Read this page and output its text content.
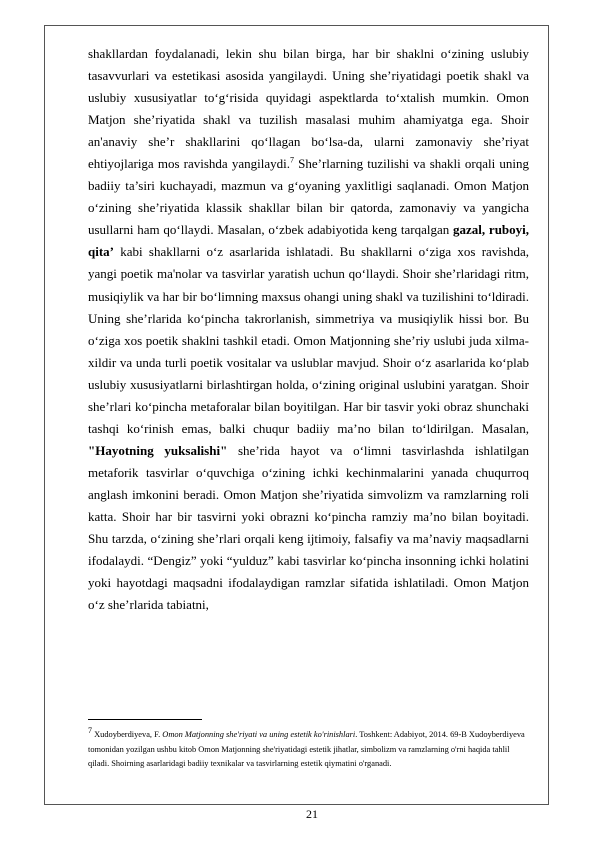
shakllardan foydalanadi, lekin shu bilan birga, har bir shaklni o‘zining uslubiy tasavvurlari va estetikasi asosida yangilaydi. Uning she’riyatidagi poetik shakl va uslubiy xususiyatlar to‘g‘risida quyidagi aspektlarda to‘xtalish mumkin. Omon Matjon she’riyatida shakl va tuzilish masalasi muhim ahamiyatga ega. Shoir an'anaviy she’r shakllarini qo‘llagan bo‘lsa-da, ularni zamonaviy she’riyat ehtiyojlariga mos ravishda yangilaydi.$^7$ She’rlarning tuzilishi va shakli orqali uning badiiy ta’siri kuchayadi, mazmun va g‘oyaning yaxlitligi saqlanadi. Omon Matjon o‘zining she’riyatida klassik shakllar bilan bir qatorda, zamonaviy va yangicha usullarni ham qo‘llaydi. Masalan, o‘zbek adabiyotida keng tarqalgan gazal, ruboyi, qita’ kabi shakllarni o‘z asarlarida ishlatadi. Bu shakllarni o‘ziga xos ravishda, yangi poetik ma'nolar va tasvirlar yaratish uchun qo‘llaydi. Shoir she’rlaridagi ritm, musiqiylik va har bir bo‘limning maxsus ohangi uning shakl va tuzilishini to‘ldiradi. Uning she’rlarida ko‘pincha takrorlanish, simmetriya va musiqiylik hissi bor. Bu o‘ziga xos poetik shaklni tashkil etadi. Omon Matjonning she’riy uslubi juda xilma-xildir va unda turli poetik vositalar va uslublar mavjud. Shoir o‘z asarlarida ko‘plab uslubiy xususiyatlarni birlashtirgan holda, o‘zining original uslubini yaratgan. Shoir she’rlari ko‘pincha metaforalar bilan boyitilgan. Har bir tasvir yoki obraz shunchaki tashqi ko‘rinish emas, balki chuqur badiiy ma’no bilan to‘ldirilgan. Masalan, "Hayotning yuksalishi" she’rida hayot va o‘limni tasvirlashda ishlatilgan metaforik tasvirlar o‘quvchiga o‘zining ichki kechinmalarini yanada chuqurroq anglash imkonini beradi. Omon Matjon she’riyatida simvolizm va ramzlarning roli katta. Shoir har bir tasvirni yoki obrazni ko‘pincha ramziy ma’no bilan boyitadi. Shu tarzda, o‘zining she’rlari orqali keng ijtimoiy, falsafiy va ma’naviy maqsadlarni ifodalaydi. “Dengiz” yoki “yulduz” kabi tasvirlar ko‘pincha insonning ichki holatini yoki hayotdagi maqsadni ifodalaydigan ramzlar sifatida ishlatiladi. Omon Matjon o‘z she’rlarida tabiatni,

$^7$ Xudoyberdiyeva, F. Omon Matjonning she'riyati va uning estetik ko'rinishlari. Toshkent: Adabiyot, 2014. 69-B Xudoyberdiyeva tomonidan yozilgan ushbu kitob Omon Matjonning she'riyatidagi estetik jihatlar, simbolizm va ramzlarning o'rni haqida tahlil qiladi. Shoirning asarlaridagi badiiy texnikalar va tasvirlarning estetik qiymatini o'rganadi.

21
